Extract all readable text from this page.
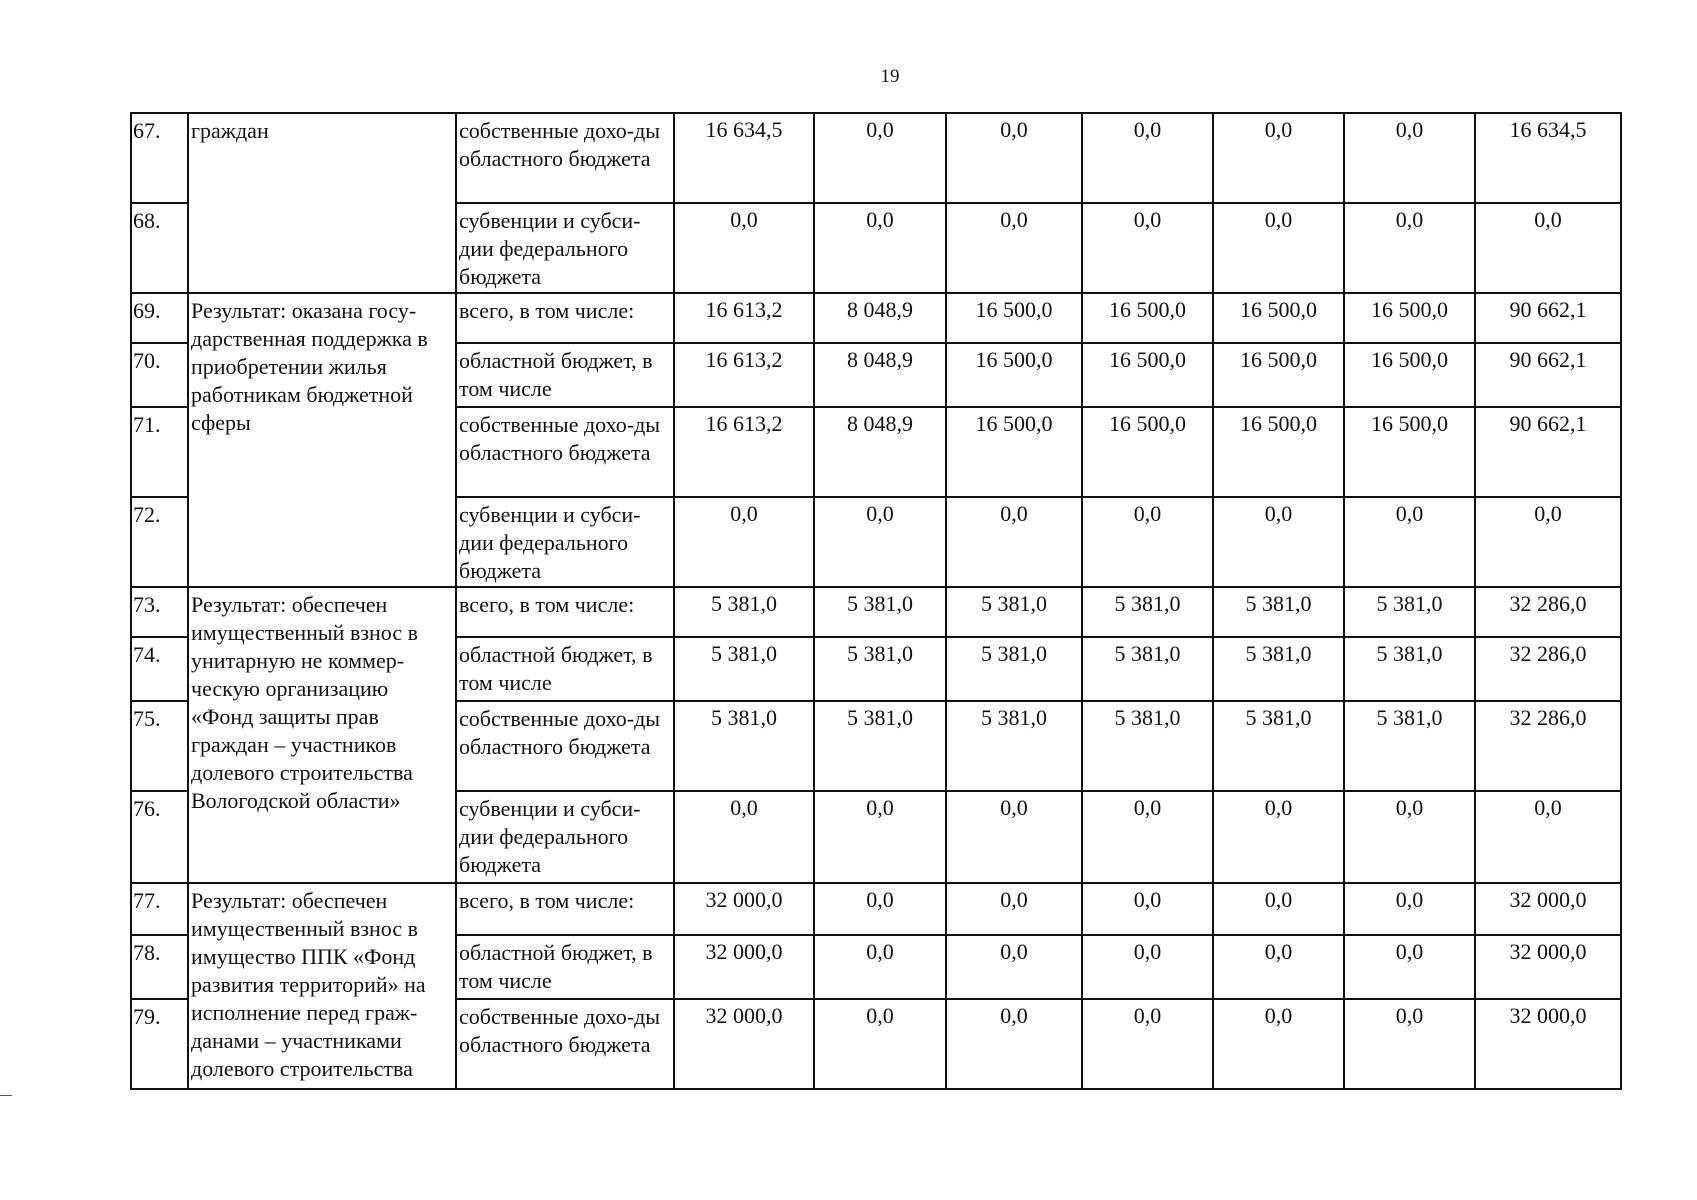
19
67.	граждан	собственные дохо-ды областного бюджета	16 634,5	0,0	0,0	0,0	0,0	0,0	16 634,5
68.		субвенции и субси-дии федерального бюджета	0,0	0,0	0,0	0,0	0,0	0,0	0,0
69.	Результат: оказана госу-дарственная поддержка в приобретении жилья работникам бюджетной сферы	всего, в том числе:	16 613,2	8 048,9	16 500,0	16 500,0	16 500,0	16 500,0	90 662,1
70.		областной бюджет, в том числе	16 613,2	8 048,9	16 500,0	16 500,0	16 500,0	16 500,0	90 662,1
71.		собственные дохо-ды областного бюджета	16 613,2	8 048,9	16 500,0	16 500,0	16 500,0	16 500,0	90 662,1
72.		субвенции и субси-дии федерального бюджета	0,0	0,0	0,0	0,0	0,0	0,0	0,0
73.	Результат: обеспечен имущественный взнос в унитарную не коммер-ческую организацию «Фонд защиты прав граждан – участников долевого строительства Вологодской области»	всего, в том числе:	5 381,0	5 381,0	5 381,0	5 381,0	5 381,0	5 381,0	32 286,0
74.		областной бюджет, в том числе	5 381,0	5 381,0	5 381,0	5 381,0	5 381,0	5 381,0	32 286,0
75.		собственные дохо-ды областного бюджета	5 381,0	5 381,0	5 381,0	5 381,0	5 381,0	5 381,0	32 286,0
76.		субвенции и субси-дии федерального бюджета	0,0	0,0	0,0	0,0	0,0	0,0	0,0
77.	Результат: обеспечен имущественный взнос в имущество ППК «Фонд развития территорий» на исполнение перед граж-данами – участниками долевого строительства	всего, в том числе:	32 000,0	0,0	0,0	0,0	0,0	0,0	32 000,0
78.		областной бюджет, в том числе	32 000,0	0,0	0,0	0,0	0,0	0,0	32 000,0
79.		собственные дохо-ды областного бюджета	32 000,0	0,0	0,0	0,0	0,0	0,0	32 000,0
